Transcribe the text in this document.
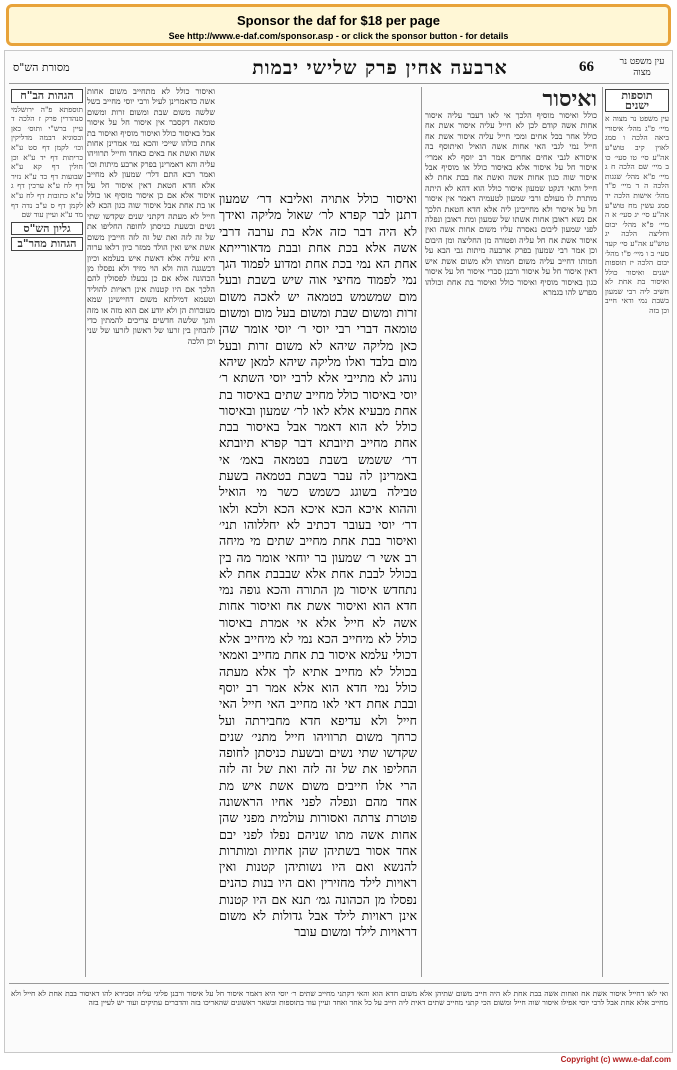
Sponsor the daf for $18 per page
See http://www.e-daf.com/sponsor.asp - or click the sponsor button - for details
66
ארבעה אחין פרק שלישי יבמות
מסורת הש"ס	עין משפט נר מצוה
תוספות ישנים
עין משפט נר מצוה א מיי׳ פ"ג מהל׳ איסורי ביאה הלכה ו סמג לאוין קיב טוש"ע אה"ע סי׳ טו סעי׳ כו ב מיי׳ שם הלכה ח ג מיי׳ פ"א מהל׳ שגגות הלכה ה ד מיי׳ פ"ד מהל׳ אישות הלכה יד סמג עשין מח טוש"ע אה"ע סי׳ יג סעי׳ א ה מיי׳ פ"א מהל׳ יבום וחליצה הלכה יג טוש"ע אה"ע סי׳ קעד סעי׳ ב ו מיי׳ פ"ו מהל׳ יבום הלכה יז תוספות ישנים ואיסור כולל ואיסור בת אחת לא חשיב ליה רבי שמעון בשבת נמי ודאי חייב וכן בזה
ואיסור
כולל ואיסור מוסיף הלכך אי לאו דעבר עליה איסור אחות אשה קודם לכן לא חייל עליה איסור אשת אח כולל אחר בכל אחים ומכי חייל עליה איסור אשת אח חייל נמי לגבי האי אחות אשה הואיל ואיתוסף בה איסורא לגבי אחים אחרים אמר רב יוסף לא אמרי׳ איסור חל על איסור אלא באיסור כולל או מוסיף אבל איסור שוה כגון אחות אשה ואשת אח בבת אחת לא חייל והאי דנקט שמעון איסור כולל הוא דהא לא היתה מותרת לו מעולם ורבי שמעון לטעמיה דאמר אין איסור חל על איסור ולא מחייבינן ליה אלא חדא חטאת הלכך אם נשא ראובן אחות אשתו של שמעון ומת ראובן ונפלה לפני שמעון ליבום נאסרה עליו משום אחות אשה ואין איסור אשת אח חל עליה ופטורה מן החליצה ומן היבום וכן אמר רבי שמעון בפרק ארבעה מיתות גבי הבא על חמותו דחייב עליה משום חמותו ולא משום אשת איש דאין איסור חל על איסור ורבנן סברי איסור חל על איסור כגון באיסור מוסיף ואיסור כולל ואיסור בת אחת וכולהו מפרש להו בגמרא
ואיסור כולל אתויה ואליבא דר׳ שמעון דתנן לבר קפרא לר׳ שאול מליקה ואידך לא היה דבר כזה אלא בת ערבה דרבי אשה אלא בכת אחת ובבת מדאורייתא אחת הא נמי בכת אחת ומדוע לפמוד הגך נמי לפמוד מחיצי אוה שיש בשבת ובעל מום שמשמש בטמאה יש לאכה משום זרות ומשום שבת ומשום בעל מום ומשום טומאה דברי רבי יוסי ר׳ יוסי אומר שהן כאן מליקה שיהא לא משום זרות ובעל מום בלבד ואלו מליקה שיהא למאן שיהא נוהג לא מתייבי אלא לרבי יוסי השתא ר׳ יוסי באיסור כולל מחייב שתים באיסור בת אחת מבעיא אלא לאו לר׳ שמעון ובאיסור כולל לא הוא דאמר אבל באיסור בבת אחת מחייב תיובתא דבר קפרא תיובתא דר׳ ששמש בשבת בטמאה באמ׳ אי באמרינן לה עבר בשבת בטמאה בשעת טבילה בשוגג כשמש כשר מי הואיל וההוא איכא הכא איכא הכא ולכא ולאו דר׳ יוסי בעובר דכתיב לא יחללוהו תני׳ ואיסור בבת אחת מחייב שתים מי מיחה רב אשי ר׳ שמעון בר יוחאי אומר מה בין בכולל לבבת אחת אלא שבבבת אחת לא נתחדש איסור מן התורה והכא גופה נמי חדא הוא ואיסור אשת אח ואיסור אחות אשה לא חייל אלא אי אמרת באיסור כולל לא מיחייב הכא נמי לא מיחייב אלא דכולי עלמא איסור בת אחת מחייב ואמאי בכולל לא מחייב אתיא לך אלא מעתה כולל נמי חדא הוא אלא אמר רב יוסף ובבת אחת דאי לאו מחייב האי חייל האי חייל ולא עדיפא חדא מחבירתה ועל כרחך משום תרוויהו חייל מתני׳ שנים שקדשו שתי נשים ובשעת כניסתן לחופה החליפו את של זה לזה ואת של זה לזה הרי אלו חייבים משום אשת איש מת אחד מהם ונפלה לפני אחיו הראשונה פוטרת צרתה ואסורות עולמית מפני שהן אחות אשה מתו שניהם נפלו לפני יבם אחד אסור בשתיהן שהן אחיות ומותרות להנשא ואם היו נשותיהן קטנות ואין ראויות לילד מחזירין ואם היו בנות כהנים נפסלו מן הכהונה גמ׳ תנא אם היו קטנות אינן ראויות לילד אבל גדולות לא משום דראויות לילד ומשום עובר
ואיסור כולל לא מתחייב משום אחות אשה כדאמרינן לעיל ורבי יוסי מחייב בשל שלשה משום שבת ומשום זרות ומשום טומאה דקסבר אין איסור חל על איסור אבל באיסור כולל ואיסור מוסיף ואיסור בת אחת כולהו שייכי והכא נמי אמרינן אחות אשה ואשת אח באים כאחד וחייל תרוויהו עליה והא דאמרינן בפרק ארבע מיתות וכו׳ ואמר רבא התם דלר׳ שמעון לא מחייב אלא חדא חטאת דאין איסור חל על איסור אלא אם כן איסור מוסיף או כולל או בת אחת אבל איסור שוה כגון הכא לא חייל לא מעתה דקתני שנים שקדשו שתי נשים ובשעת כניסתן לחופה החליפו את של זה לזה ואת של זה לזה חייבין משום אשת איש ואין הולד ממזר כיון דלאו ערוה היא עליה אלא דאשת איש בעלמא וכיון דבשגגה הוה ולא הוי מזיד ולא נפסלו מן הכהונה אלא אם כן נבעלו לפסולין להם הלכך אם היו קטנות אינן ראויות להוליד וטעמא דמילתא משום דחיישינן שמא מעוברות הן ולא יודע אם הוא מזה או מזה והנך שלשה חדשים צריכים להמתין כדי להבחין בין זרעו של ראשון לזרעו של שני וכן הלכה
הגהות הב"ח
תוספתא פ"ה ירושלמי סנהדרין פרק ז הלכה ד עיין ברש"י ותוס׳ כאן ובסוגיא דבמה מדליקין וכו׳ לקמן דף סט ע"א כריתות דף יד ע"א וכן חולין דף קא ע"א שבועות דף כד ע"א נזיר דף לח ע"א ערכין דף ג ע"א כתובות דף לח ע"א לקמן דף ס ע"ב נדה דף מד ע"א ועיין עוד שם
גליון הש"ס
הגהות מהר"ב
ואי לאו דחייל איסור אשת אח ואחות אשה בבת אחת לא היה חייב משום שתיהן אלא משום חדא הוא והאי דקתני מחייב שתים ר׳ יוסי היא דאמר איסור חל על איסור ורבנן פליגי עליה וסבירא להו דאיסור בבת אחת לא חייל ולא מחייב אלא אחת אבל לרבי יוסי אפילו איסור שוה חייל ומשום הכי קתני מחייב שתים דאית ליה חייב על כל אחד ואחד ועיין עוד בתוספות ובשאר ראשונים שהאריכו בזה והדברים עתיקים ועוד יש לעיין בזה
Copyright (c) www.e-daf.com
